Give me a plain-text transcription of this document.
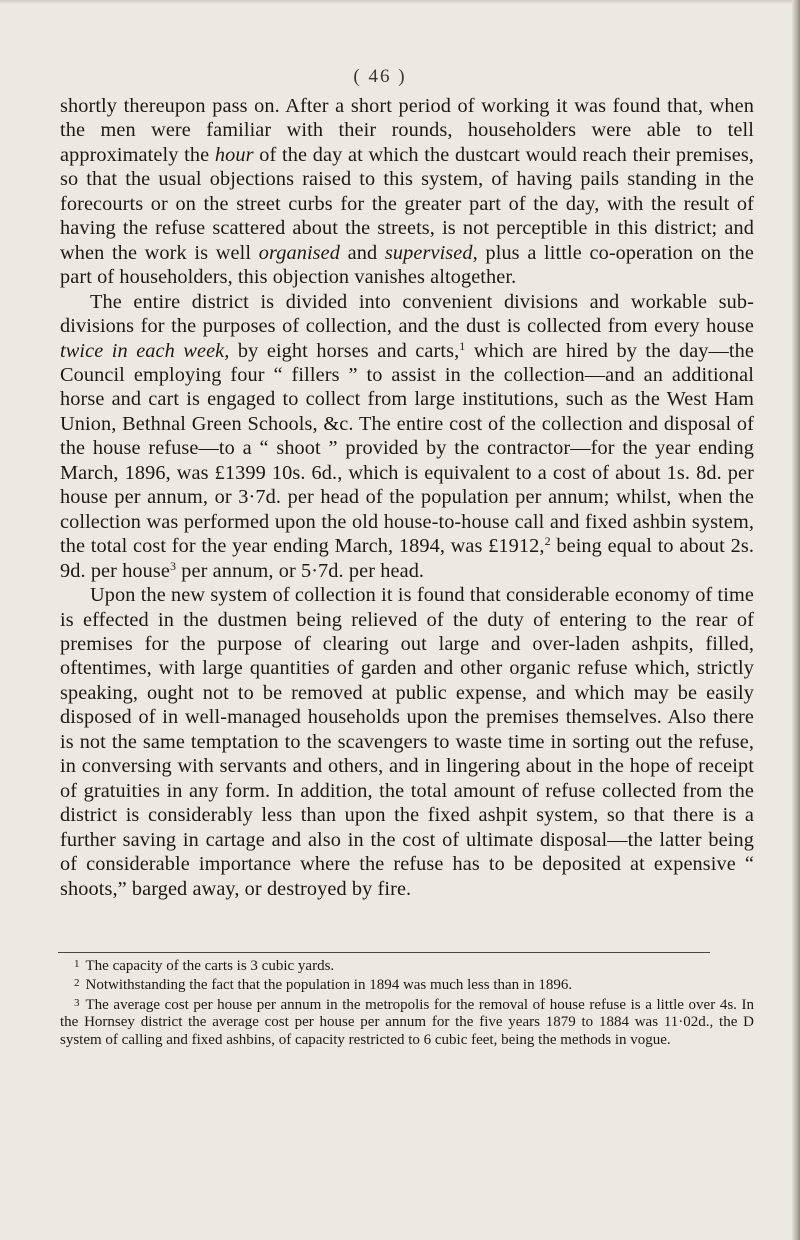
( 46 )

shortly thereupon pass on. After a short period of working it was found that, when the men were familiar with their rounds, householders were able to tell approximately the hour of the day at which the dustcart would reach their premises, so that the usual objections raised to this system, of having pails standing in the forecourts or on the street curbs for the greater part of the day, with the result of having the refuse scattered about the streets, is not perceptible in this district; and when the work is well organised and supervised, plus a little co-operation on the part of householders, this objection vanishes altogether.

The entire district is divided into convenient divisions and workable sub-divisions for the purposes of collection, and the dust is collected from every house twice in each week, by eight horses and carts,$^1$ which are hired by the day—the Council employing four “ fillers ” to assist in the collection—and an additional horse and cart is engaged to collect from large institutions, such as the West Ham Union, Bethnal Green Schools, &c. The entire cost of the collection and disposal of the house refuse—to a “ shoot ” provided by the contractor—for the year ending March, 1896, was £1399 10s. 6d., which is equivalent to a cost of about 1s. 8d. per house per annum, or 3·7d. per head of the population per annum; whilst, when the collection was performed upon the old house-to-house call and fixed ashbin system, the total cost for the year ending March, 1894, was £1912,$^2$ being equal to about 2s. 9d. per house$^3$ per annum, or 5·7d. per head.

Upon the new system of collection it is found that considerable economy of time is effected in the dustmen being relieved of the duty of entering to the rear of premises for the purpose of clearing out large and over-laden ashpits, filled, oftentimes, with large quantities of garden and other organic refuse which, strictly speaking, ought not to be removed at public expense, and which may be easily disposed of in well-managed households upon the premises themselves. Also there is not the same temptation to the scavengers to waste time in sorting out the refuse, in conversing with servants and others, and in lingering about in the hope of receipt of gratuities in any form. In addition, the total amount of refuse collected from the district is considerably less than upon the fixed ashpit system, so that there is a further saving in cartage and also in the cost of ultimate disposal—the latter being of considerable importance where the refuse has to be deposited at expensive “ shoots,” barged away, or destroyed by fire.

$^1$ The capacity of the carts is 3 cubic yards.

$^2$ Notwithstanding the fact that the population in 1894 was much less than in 1896.

$^3$ The average cost per house per annum in the metropolis for the removal of house refuse is a little over 4s. In the Hornsey district the average cost per house per annum for the five years 1879 to 1884 was 11·02d., the D system of calling and fixed ashbins, of capacity restricted to 6 cubic feet, being the methods in vogue.
